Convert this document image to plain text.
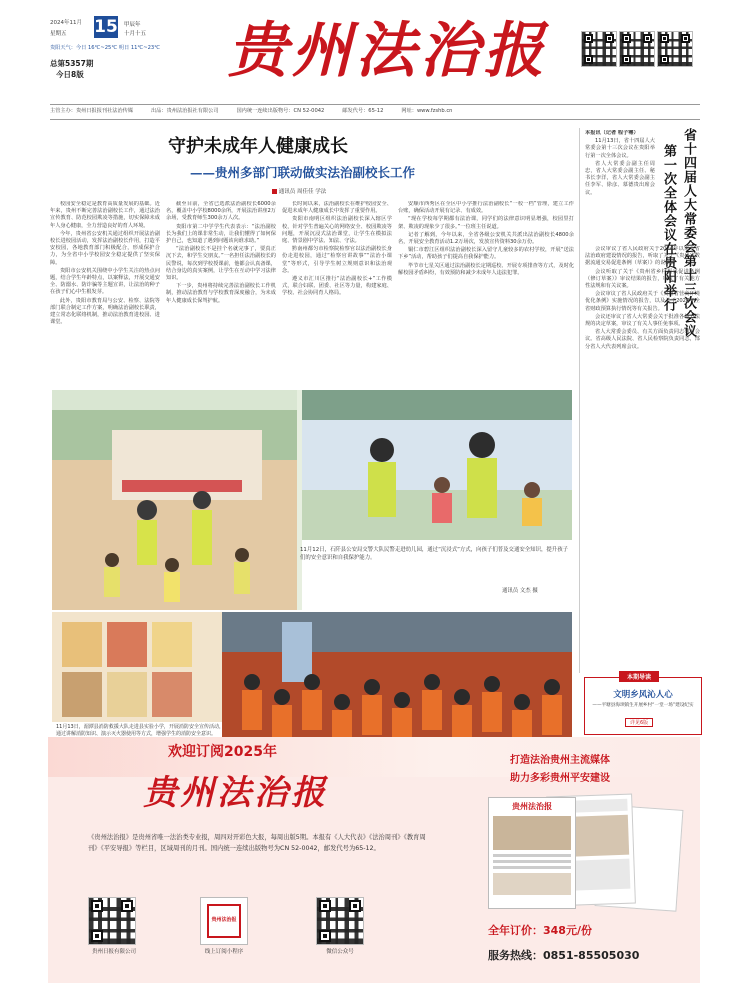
2024年11月
星期五 15 甲辰年
十月十五
贵阳天气：今日 16℃~25℃ 明日 11℃~23℃
总第5357期
今日8版 贵州法治报
主管主办：贵州日报报刊社法治传媒	出品：贵州法治报社有限公司	国内统一连续出版物号：CN 52-0042	邮发代号：65-12	网址：www.fzshb.cn
守护未成年人健康成长
——贵州多部门联动做实法治副校长工作
通讯员 周佳佳 学法

校园安全稳定是教育高质量发展的基础。近年来，贵州不断完善法治副校长工作，通过法治宣传教育、防范校园欺凌等措施，切实保障未成年人身心健康，全力营造良好的育人环境。

今年，贵州省公安机关通过组织开展法治副校长进校园活动，发挥法治副校长作用，打造平安校园，各地教育部门积极配合，形成保护合力，为全省中小学校园安全稳定提供了坚实保障。

贵阳市公安机关围绕中小学生关注的热点问题，结合学生年龄特点，以案释法，开展交通安全、防溺水、防诈骗等主题宣讲，让法治的种子在孩子们心中生根发芽。

此外，贵阳市教育局与公安、检察、法院等部门联合制定工作方案，明确法治副校长职责，建立常态化联络机制，推动法治教育进校园、进课堂。

截至目前，全省已选派法治副校长6000余名，覆盖中小学校8000余所，开展法治讲座2万余场，受教育师生300余万人次。

贵阳市第二中学学生代表表示：“法治副校长为我们上的课非常生动，让我们懂得了如何保护自己，也知道了遇到问题该向谁求助。”

“法治副校长不是挂个名就完事了，要真正沉下去，和学生交朋友。”一名担任法治副校长的民警说，每次到学校授课前，他都会认真备课，结合身边的真实案例，让学生在互动中学习法律知识。

下一步，贵州将持续完善法治副校长工作机制，推动法治教育与学校教育深度融合，为未成年人健康成长保驾护航。

长时间以来，法治副校长在维护校园安全、促进未成年人健康成长中发挥了重要作用。

贵阳市南明区组织法治副校长深入辖区学校，针对学生普遍关心的网络安全、校园欺凌等问题，开展沉浸式法治课堂，让学生在模拟法庭、情景剧中学法、知法、守法。

黔南州都匀市检察院检察官以法治副校长身份走进校园，通过“检察官讲故事”“法治小课堂”等形式，引导学生树立规则意识和法治观念。

遵义市汇川区推行“法治副校长+”工作模式，联合妇联、团委、社区等力量，构建家庭、学校、社会协同育人格局。

安顺市西秀区在全区中小学推行法治副校长“一校一档”管理，建立工作台账，确保活动开展有记录、有成效。

“现在学校每学期都有法治课，同学们的法律意识明显增强，校园里打架、欺凌的现象少了很多。”一位班主任说道。

记者了解到，今年以来，全省各级公安机关共派出法治副校长4800余名，开展安全教育活动1.2万场次，发放宣传资料30余万份。

铜仁市碧江区组织法治副校长深入留守儿童较多的农村学校，开展“送法下乡”活动，帮助孩子们提高自我保护能力。

毕节市七星关区通过法治副校长定期巡校、开展专项排查等方式，及时化解校园矛盾纠纷，有效预防和减少未成年人违法犯罪。

11月12日，石阡县公安局交警大队民警走进幼儿园，通过“沉浸式”方式，向孩子们普及交通安全知识，提升孩子们的安全意识和自我保护能力。
通讯员 文杰 摄
11月13日，湄潭县消防救援大队走进县实验小学，开展消防安全宣传活动，通过讲解消防知识、演示灭火器使用等方式，增强学生的消防安全意识。
省十四届人大常委会第十三次会议
第一次全体会议在贵阳举行

本报讯（记者 程子骞）

11月13日，省十四届人大常委会第十三次会议在贵阳举行第一次全体会议。

省人大常委会副主任周忠，省人大常委会副主任、秘书长李洋，省人大常委会副主任李军、徐彦、慕德贵出席会议。

会议审议了省人民政府关于2024年以来全省法治政府建设情况的报告，听取了关于《贵州省数据流通交易促进条例（草案）》的说明。

会议听取了关于《贵州省乡村振兴促进条例（修订草案）》审议结果的报告，审议了有关地方性法规和有关议案。

会议审议了省人民政府关于《贵州省营商环境优化条例》实施情况的报告，以及关于2024年全省财政预算执行情况等有关报告。

会议还审议了省人大常委会关于批准各地方法规的决定草案，审议了有关人事任免事项。

省人大常委会委员、有关方面负责同志列席会议。省高级人民法院、省人民检察院负责同志，部分省人大代表列席会议。

本期导读
文明乡风沁人心
——平塘县海坝镇生开展乡村“一堂一场”建设纪实
详见6版
欢迎订阅2025年
贵州法治报
打造法治贵州主流媒体
助力多彩贵州平安建设
《贵州法治报》是贵州省唯一法治类专业报，周四对开彩色大报，每周出版5期。本报有《人大代表》《法治周刊》《教育周刊》《平安导报》等栏目，区域周刊的月刊。国内统一连续出版物号为CN 52-0042，邮发代号为65-12。
贵州日报有限公司
贵州法治报
线上订阅小程序	微信公众号
贵州法治报
全年订价：348元/份
服务热线：0851-85505030
